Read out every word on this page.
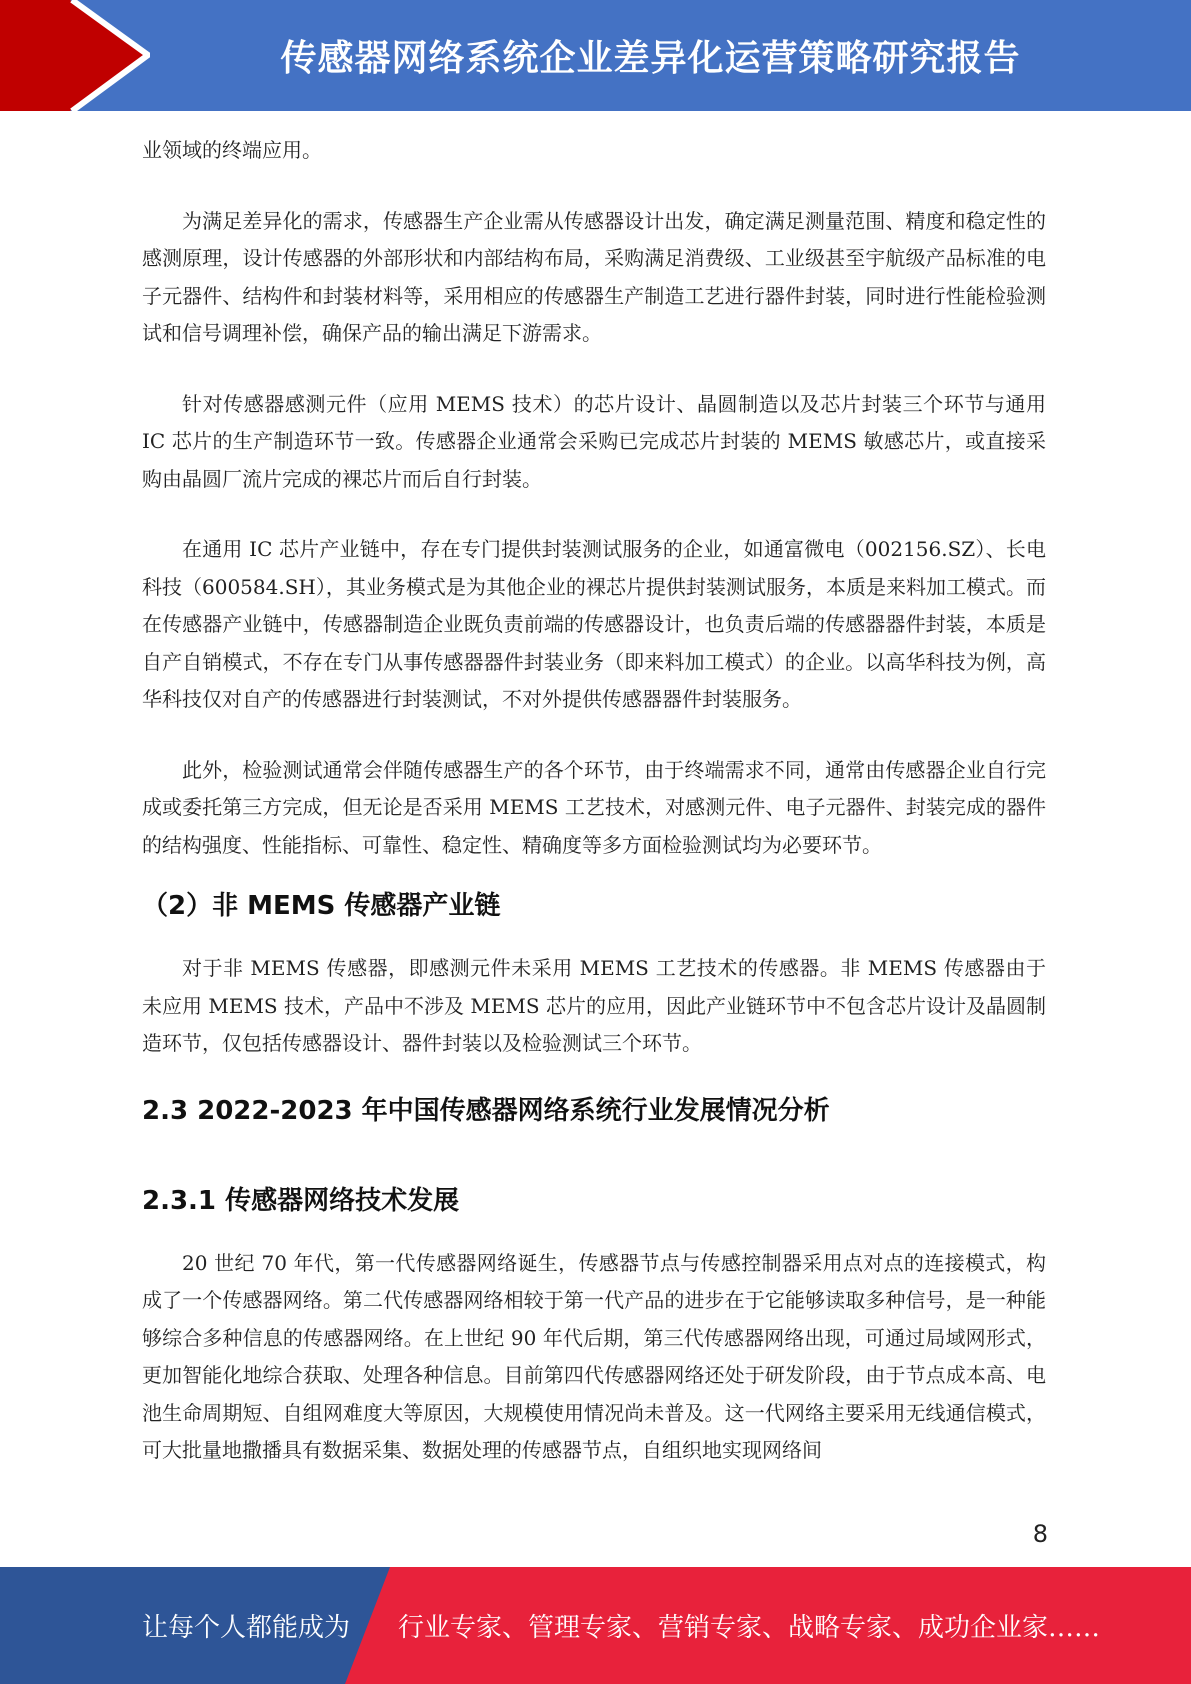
传感器网络系统企业差异化运营策略研究报告

业领域的终端应用。

为满足差异化的需求，传感器生产企业需从传感器设计出发，确定满足测量范围、精度和稳定性的感测原理，设计传感器的外部形状和内部结构布局，采购满足消费级、工业级甚至宇航级产品标准的电子元器件、结构件和封装材料等，采用相应的传感器生产制造工艺进行器件封装，同时进行性能检验测试和信号调理补偿，确保产品的输出满足下游需求。

针对传感器感测元件（应用 MEMS 技术）的芯片设计、晶圆制造以及芯片封装三个环节与通用 IC 芯片的生产制造环节一致。传感器企业通常会采购已完成芯片封装的 MEMS 敏感芯片，或直接采购由晶圆厂流片完成的裸芯片而后自行封装。

在通用 IC 芯片产业链中，存在专门提供封装测试服务的企业，如通富微电（002156.SZ）、长电科技（600584.SH），其业务模式是为其他企业的裸芯片提供封装测试服务，本质是来料加工模式。而在传感器产业链中，传感器制造企业既负责前端的传感器设计，也负责后端的传感器器件封装，本质是自产自销模式，不存在专门从事传感器器件封装业务（即来料加工模式）的企业。以高华科技为例，高华科技仅对自产的传感器进行封装测试，不对外提供传感器器件封装服务。

此外，检验测试通常会伴随传感器生产的各个环节，由于终端需求不同，通常由传感器企业自行完成或委托第三方完成，但无论是否采用 MEMS 工艺技术，对感测元件、电子元器件、封装完成的器件的结构强度、性能指标、可靠性、稳定性、精确度等多方面检验测试均为必要环节。

（2）非 MEMS 传感器产业链

对于非 MEMS 传感器，即感测元件未采用 MEMS 工艺技术的传感器。非 MEMS 传感器由于未应用 MEMS 技术，产品中不涉及 MEMS 芯片的应用，因此产业链环节中不包含芯片设计及晶圆制造环节，仅包括传感器设计、器件封装以及检验测试三个环节。

2.3 2022-2023 年中国传感器网络系统行业发展情况分析
2.3.1 传感器网络技术发展

20 世纪 70 年代，第一代传感器网络诞生，传感器节点与传感控制器采用点对点的连接模式，构成了一个传感器网络。第二代传感器网络相较于第一代产品的进步在于它能够读取多种信号，是一种能够综合多种信息的传感器网络。在上世纪 90 年代后期，第三代传感器网络出现，可通过局域网形式，更加智能化地综合获取、处理各种信息。目前第四代传感器网络还处于研发阶段，由于节点成本高、电池生命周期短、自组网难度大等原因，大规模使用情况尚未普及。这一代网络主要采用无线通信模式，可大批量地撒播具有数据采集、数据处理的传感器节点，自组织地实现网络间

8
让每个人都能成为 行业专家、管理专家、营销专家、战略专家、成功企业家……
